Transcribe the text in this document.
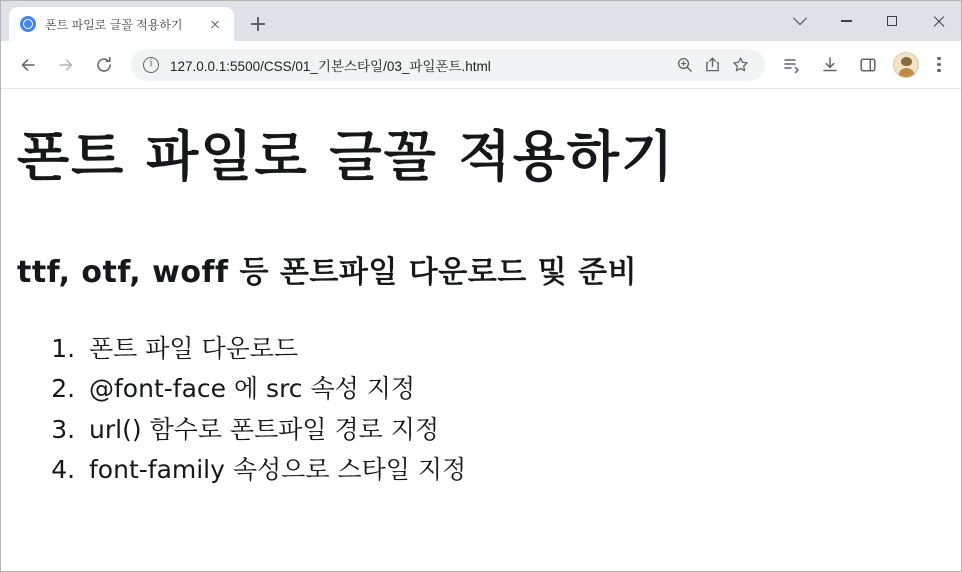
폰트 파일로 글꼴 적용하기
i
127.0.0.1:5500/CSS/01_기본스타일/03_파일폰트.html
폰트 파일로 글꼴 적용하기
ttf, otf, woff 등 폰트파일 다운로드 및 준비
1. 폰트 파일 다운로드
2. @font-face 에 src 속성 지정
3. url() 함수로 폰트파일 경로 지정
4. font-family 속성으로 스타일 지정
